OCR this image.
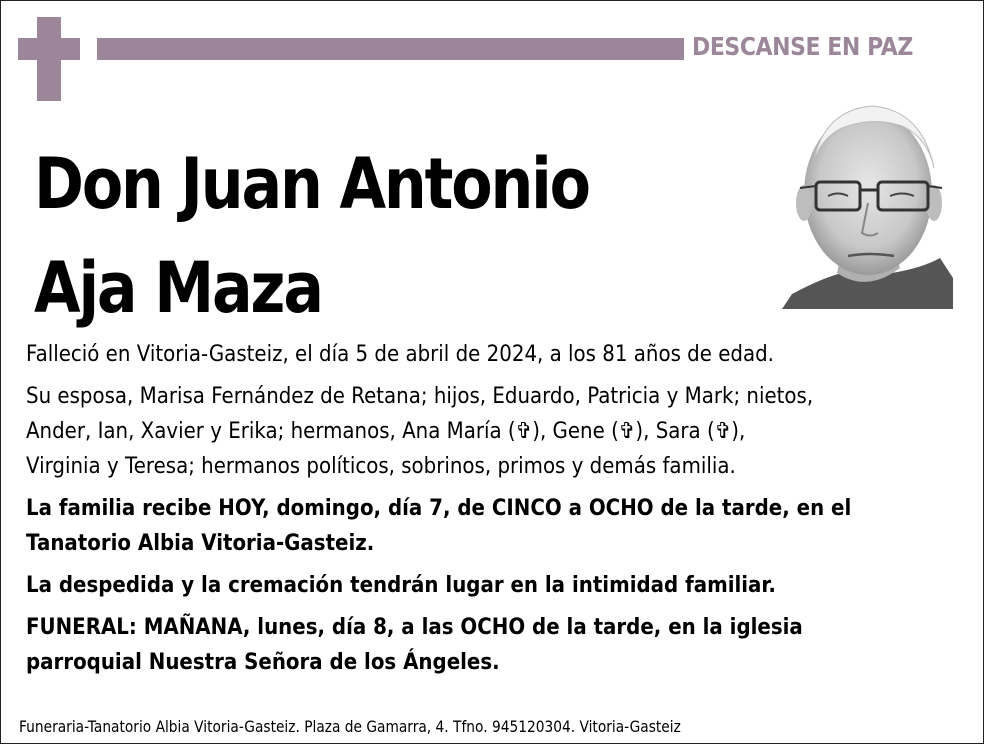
DESCANSE EN PAZ
Don Juan Antonio
Aja Maza

Falleció en Vitoria-Gasteiz, el día 5 de abril de 2024, a los 81 años de edad.

Su esposa, Marisa Fernández de Retana; hijos, Eduardo, Patricia y Mark; nietos,
Ander, Ian, Xavier y Erika; hermanos, Ana María (✞), Gene (✞), Sara (✞),
Virginia y Teresa; hermanos políticos, sobrinos, primos y demás familia.

La familia recibe HOY, domingo, día 7, de CINCO a OCHO de la tarde, en el
Tanatorio Albia Vitoria-Gasteiz.

La despedida y la cremación tendrán lugar en la intimidad familiar.

FUNERAL: MAÑANA, lunes, día 8, a las OCHO de la tarde, en la iglesia
parroquial Nuestra Señora de los Ángeles.

Funeraria-Tanatorio Albia Vitoria-Gasteiz. Plaza de Gamarra, 4. Tfno. 945120304. Vitoria-Gasteiz
